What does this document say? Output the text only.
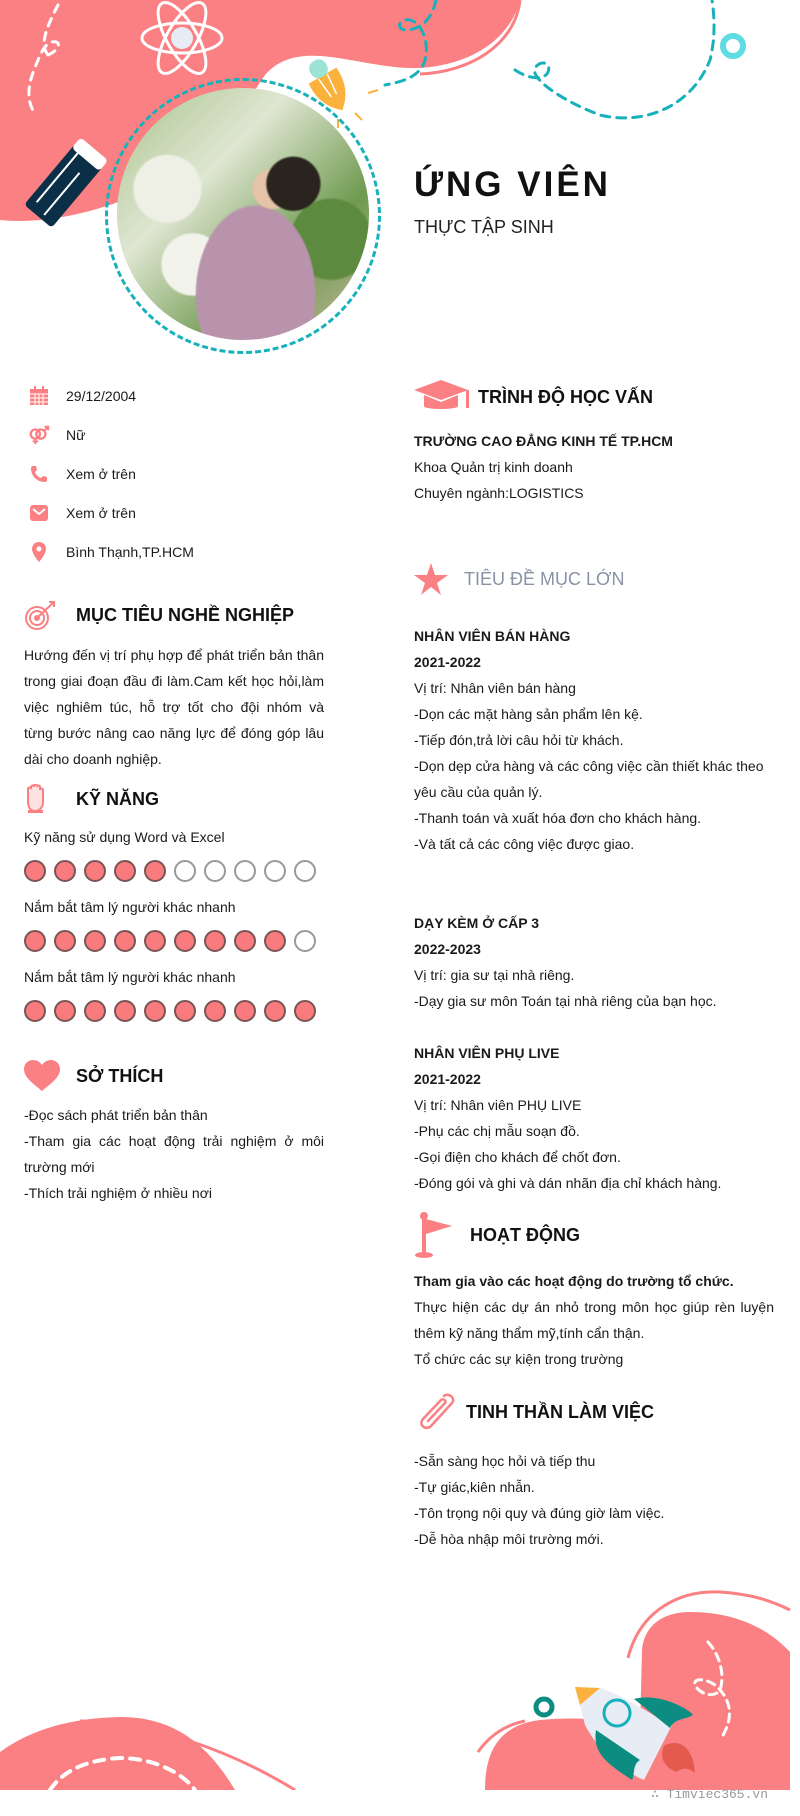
ỨNG VIÊN
THỰC TẬP SINH
29/12/2004
Nữ
Xem ở trên
Xem ở trên
Bình Thạnh,TP.HCM
MỤC TIÊU NGHỀ NGHIỆP

Hướng đến vị trí phụ hợp để phát triển bản thân trong giai đoạn đầu đi làm.Cam kết học hỏi,làm việc nghiêm túc, hỗ trợ tốt cho đội nhóm và từng bước nâng cao năng lực để đóng góp lâu dài cho doanh nghiệp.

KỸ NĂNG
Kỹ năng sử dụng Word và Excel
Nắm bắt tâm lý người khác nhanh
Nắm bắt tâm lý người khác nhanh
SỞ THÍCH
-Đọc sách phát triển bản thân
-Tham gia các hoạt động trải nghiệm ở môi trường mới
-Thích trải nghiệm ở nhiều nơi
TRÌNH ĐỘ HỌC VẤN
TRƯỜNG CAO ĐẲNG KINH TẾ TP.HCM
Khoa Quản trị kinh doanh
Chuyên ngành:LOGISTICS
TIÊU ĐỀ MỤC LỚN
NHÂN VIÊN BÁN HÀNG
2021-2022
Vị trí: Nhân viên bán hàng
-Dọn các mặt hàng sản phẩm lên kệ.
-Tiếp đón,trả lời câu hỏi từ khách.
-Dọn dẹp cửa hàng và các công việc cần thiết khác theo yêu cầu của quản lý.
-Thanh toán và xuất hóa đơn cho khách hàng.
-Và tất cả các công việc được giao.
DẠY KÈM Ở CẤP 3
2022-2023
Vị trí: gia sư tại nhà riêng.
-Dạy gia sư môn Toán tại nhà riêng của bạn học.
NHÂN VIÊN PHỤ LIVE
2021-2022
Vị trí: Nhân viên PHỤ LIVE
-Phụ các chị mẫu soạn đồ.
-Gọi điện cho khách để chốt đơn.
-Đóng gói và ghi và dán nhãn địa chỉ khách hàng.
HOẠT ĐỘNG
Tham gia vào các hoạt động do trường tổ chức.
Thực hiện các dự án nhỏ trong môn học giúp rèn luyện thêm kỹ năng thẩm mỹ,tính cẩn thận.
Tổ chức các sự kiện trong trường
TINH THẦN LÀM VIỆC
-Sẵn sàng học hỏi và tiếp thu
-Tự giác,kiên nhẫn.
-Tôn trọng nội quy và đúng giờ làm việc.
-Dễ hòa nhập môi trường mới.
∴ Timviec365.vn
